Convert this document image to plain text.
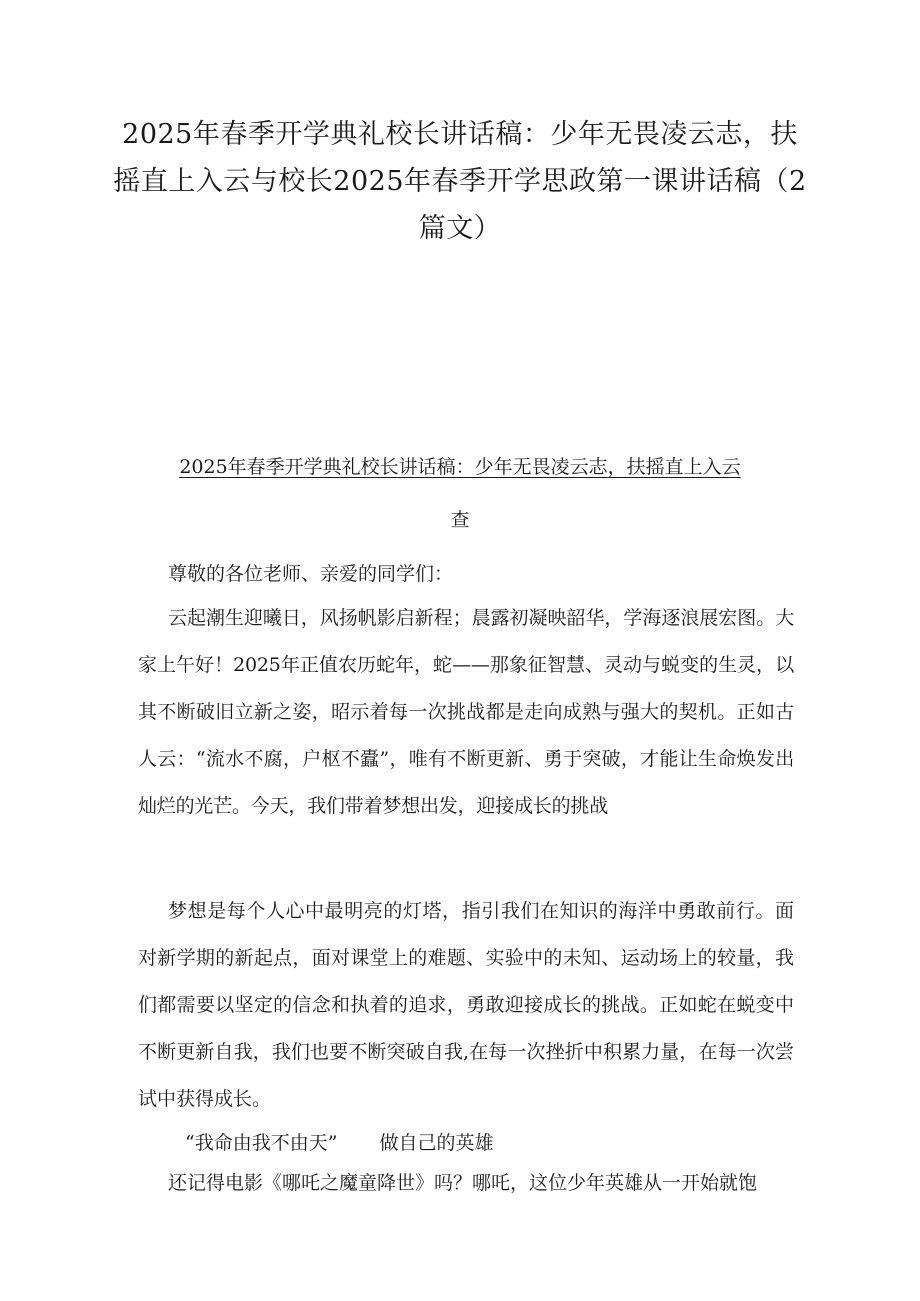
2025年春季开学典礼校长讲话稿：少年无畏凌云志，扶摇直上入云与校长2025年春季开学思政第一课讲话稿（2篇文）
2025年春季开学典礼校长讲话稿：少年无畏凌云志，扶摇直上入云
查

尊敬的各位老师、亲爱的同学们：

云起潮生迎曦日，风扬帆影启新程；晨露初凝映韶华，学海逐浪展宏图。大家上午好！2025年正值农历蛇年，蛇——那象征智慧、灵动与蜕变的生灵，以其不断破旧立新之姿，昭示着每一次挑战都是走向成熟与强大的契机。正如古人云：“流水不腐，户枢不蠹”，唯有不断更新、勇于突破，才能让生命焕发出灿烂的光芒。今天，我们带着梦想出发，迎接成长的挑战

梦想是每个人心中最明亮的灯塔，指引我们在知识的海洋中勇敢前行。面对新学期的新起点，面对课堂上的难题、实验中的未知、运动场上的较量，我们都需要以坚定的信念和执着的追求，勇敢迎接成长的挑战。正如蛇在蜕变中不断更新自我，我们也要不断突破自我,在每一次挫折中积累力量，在每一次尝试中获得成长。

“我命由我不由天” 做自己的英雄

还记得电影《哪吒之魔童降世》吗？哪吒，这位少年英雄从一开始就饱
